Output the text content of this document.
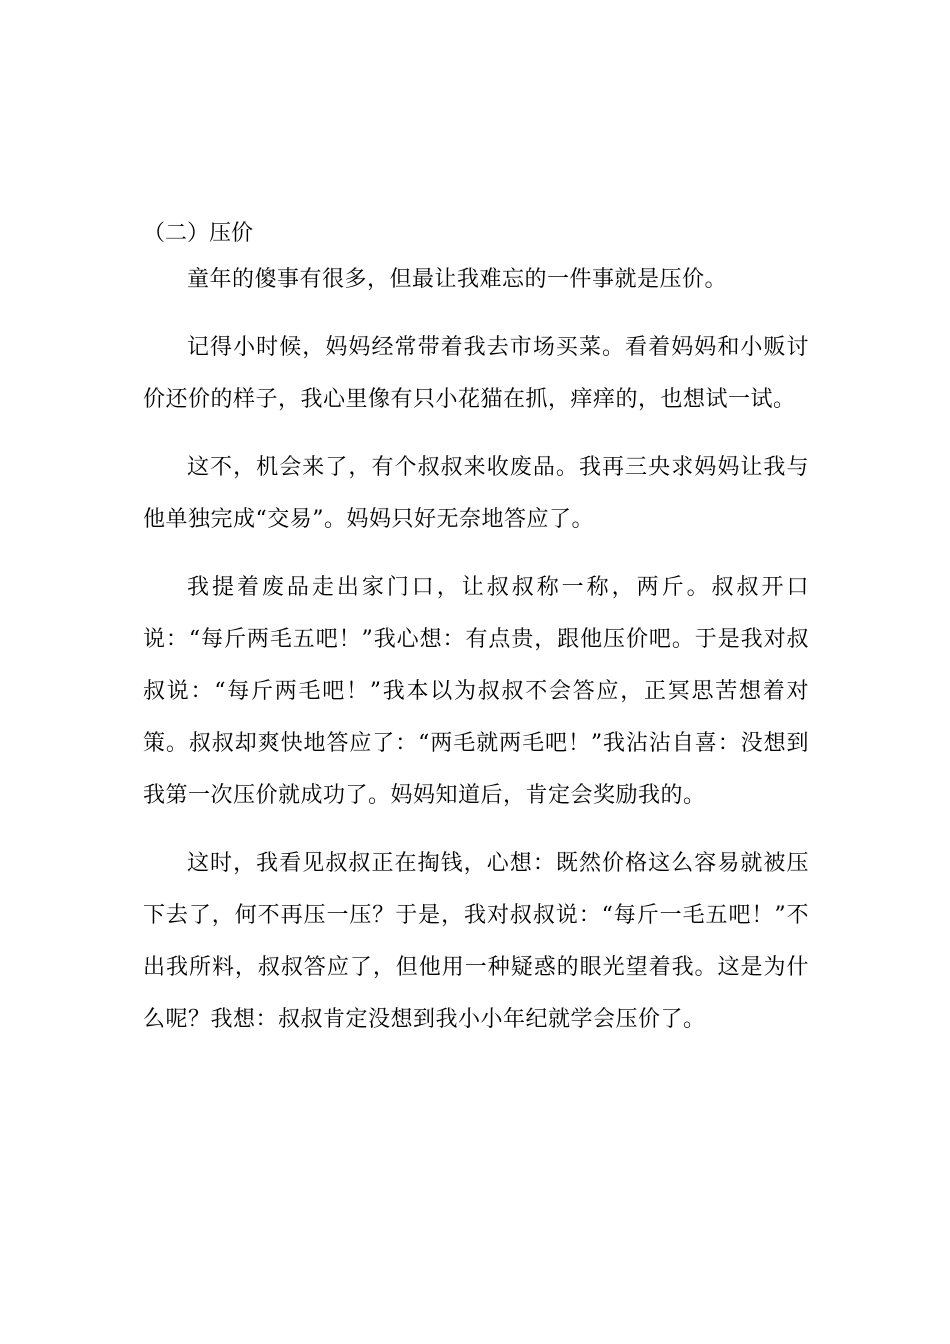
（二）压价

童年的傻事有很多，但最让我难忘的一件事就是压价。

记得小时候，妈妈经常带着我去市场买菜。看着妈妈和小贩讨价还价的样子，我心里像有只小花猫在抓，痒痒的，也想试一试。

这不，机会来了，有个叔叔来收废品。我再三央求妈妈让我与他单独完成“交易”。妈妈只好无奈地答应了。

我提着废品走出家门口，让叔叔称一称，两斤。叔叔开口说：“每斤两毛五吧！”我心想：有点贵，跟他压价吧。于是我对叔叔说：“每斤两毛吧！”我本以为叔叔不会答应，正冥思苦想着对策。叔叔却爽快地答应了：“两毛就两毛吧！”我沾沾自喜：没想到我第一次压价就成功了。妈妈知道后，肯定会奖励我的。

这时，我看见叔叔正在掏钱，心想：既然价格这么容易就被压下去了，何不再压一压？于是，我对叔叔说：“每斤一毛五吧！”不出我所料，叔叔答应了，但他用一种疑惑的眼光望着我。这是为什么呢？我想：叔叔肯定没想到我小小年纪就学会压价了。
